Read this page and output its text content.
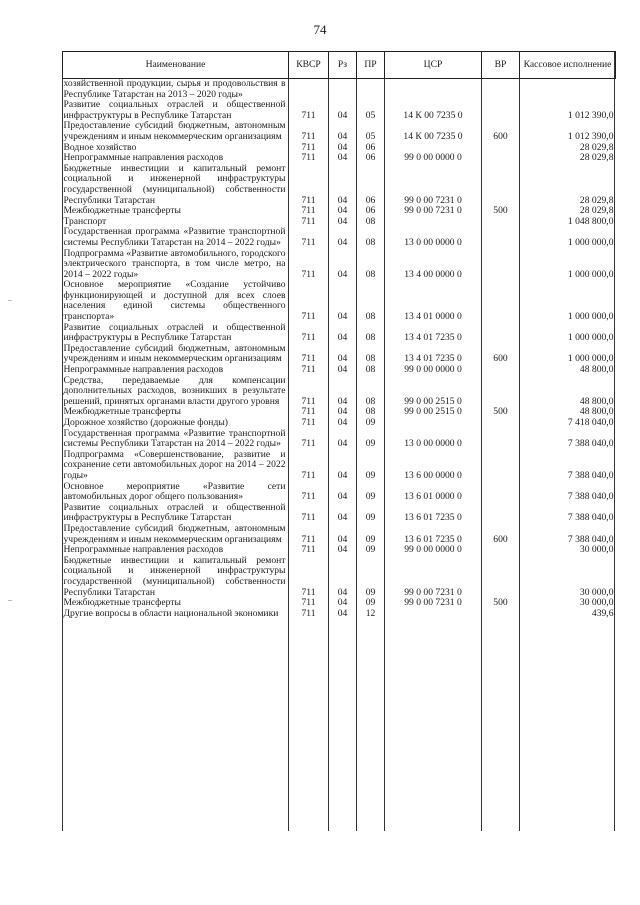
74
Наименование	КВСР	Рз	ПР	ЦСР	ВР	Кассовое исполнение
хозяйственной продукции, сырья и продовольствия в Республике Татарстан на 2013 – 2020 годы»						
Развитие социальных отраслей и общественной инфраструктуры в Республике Татарстан	711	04	05	14 К 00 7235 0		1 012 390,0
Предоставление субсидий бюджетным, автономным учреждениям и иным некоммерческим организациям	711	04	05	14 К 00 7235 0	600	1 012 390,0
Водное хозяйство	711	04	06			28 029,8
Непрограммные направления расходов	711	04	06	99 0 00 0000 0		28 029,8
Бюджетные инвестиции и капитальный ремонт социальной и инженерной инфраструктуры государственной (муниципальной) собственности Республики Татарстан	711	04	06	99 0 00 7231 0		28 029,8
Межбюджетные трансферты	711	04	06	99 0 00 7231 0	500	28 029,8
Транспорт	711	04	08			1 048 800,0
Государственная программа «Развитие транспортной системы Республики Татарстан на 2014 – 2022 годы»	711	04	08	13 0 00 0000 0		1 000 000,0
Подпрограмма «Развитие автомобильного, городского электрического транспорта, в том числе метро, на 2014 – 2022 годы»	711	04	08	13 4 00 0000 0		1 000 000,0
Основное мероприятие «Создание устойчиво функционирующей и доступной для всех слоев населения единой системы общественного транспорта»	711	04	08	13 4 01 0000 0		1 000 000,0
Развитие социальных отраслей и общественной инфраструктуры в Республике Татарстан	711	04	08	13 4 01 7235 0		1 000 000,0
Предоставление субсидий бюджетным, автономным учреждениям и иным некоммерческим организациям	711	04	08	13 4 01 7235 0	600	1 000 000,0
Непрограммные направления расходов	711	04	08	99 0 00 0000 0		48 800,0
Средства, передаваемые для компенсации дополнительных расходов, возникших в результате решений, принятых органами власти другого уровня	711	04	08	99 0 00 2515 0		48 800,0
Межбюджетные трансферты	711	04	08	99 0 00 2515 0	500	48 800,0
Дорожное хозяйство (дорожные фонды)	711	04	09			7 418 040,0
Государственная программа «Развитие транспортной системы Республики Татарстан на 2014 – 2022 годы»	711	04	09	13 0 00 0000 0		7 388 040,0
Подпрограмма «Совершенствование, развитие и сохранение сети автомобильных дорог на 2014 – 2022 годы»	711	04	09	13 6 00 0000 0		7 388 040,0
Основное мероприятие «Развитие сети автомобильных дорог общего пользования»	711	04	09	13 6 01 0000 0		7 388 040,0
Развитие социальных отраслей и общественной инфраструктуры в Республике Татарстан	711	04	09	13 6 01 7235 0		7 388 040,0
Предоставление субсидий бюджетным, автономным учреждениям и иным некоммерческим организациям	711	04	09	13 6 01 7235 0	600	7 388 040,0
Непрограммные направления расходов	711	04	09	99 0 00 0000 0		30 000,0
Бюджетные инвестиции и капитальный ремонт социальной и инженерной инфраструктуры государственной (муниципальной) собственности Республики Татарстан	711	04	09	99 0 00 7231 0		30 000,0
Межбюджетные трансферты	711	04	09	99 0 00 7231 0	500	30 000,0
Другие вопросы в области национальной экономики	711	04	12			439,6
